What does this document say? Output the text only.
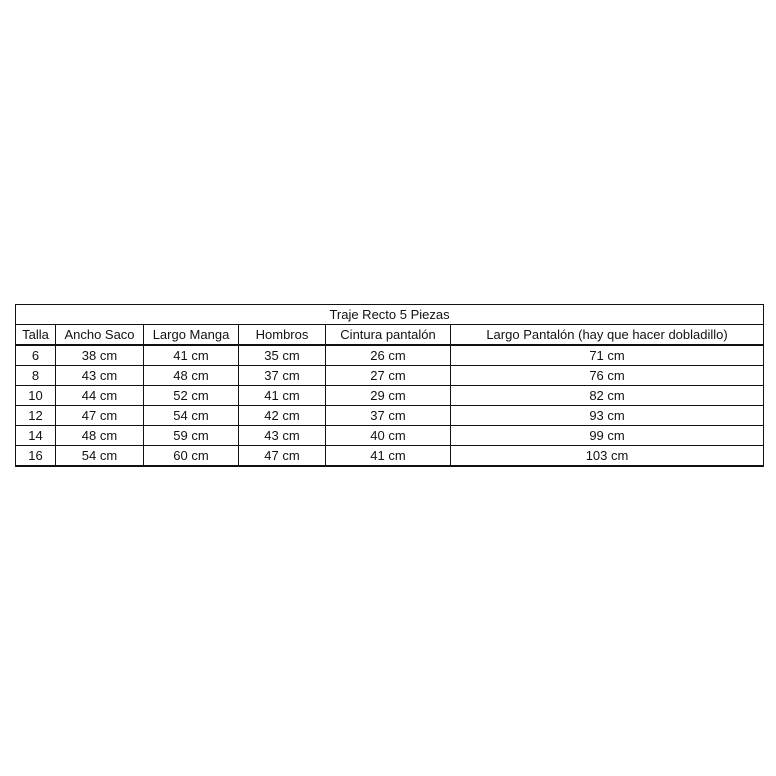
Traje Recto 5 Piezas					
Talla	Ancho Saco	Largo Manga	Hombros	Cintura pantalón	Largo Pantalón (hay que hacer dobladillo)
6	38 cm	41 cm	35 cm	26 cm	71 cm
8	43 cm	48 cm	37 cm	27 cm	76 cm
10	44 cm	52 cm	41 cm	29 cm	82 cm
12	47 cm	54 cm	42 cm	37 cm	93 cm
14	48 cm	59 cm	43 cm	40 cm	99 cm
16	54 cm	60 cm	47 cm	41 cm	103 cm
